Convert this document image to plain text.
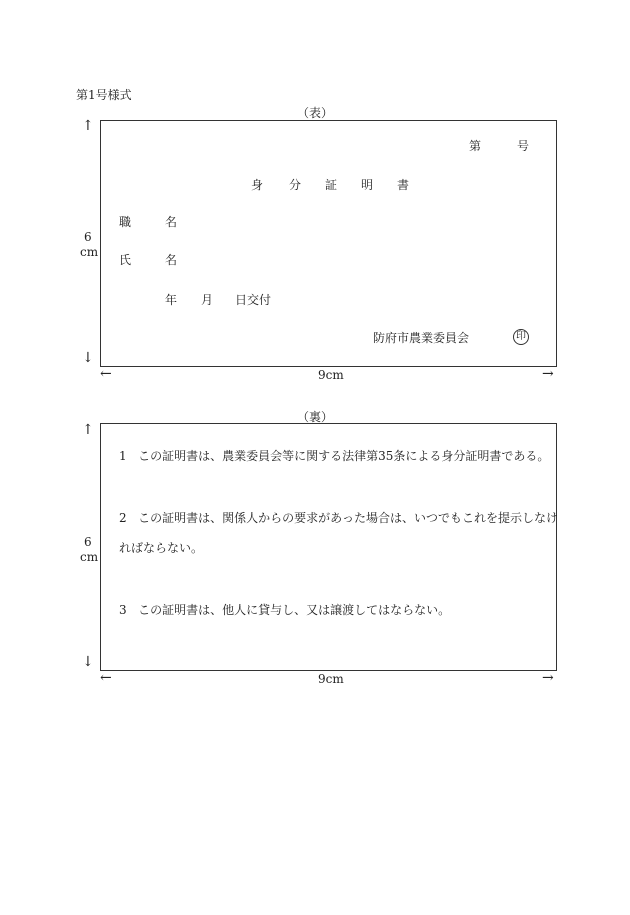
第1号様式
（表）
↑
6
cm
↓
第	号
身 分 証 明 書
職	名
氏	名
年 月 日交付
防府市農業委員会	印
←	9cm	→
（裏）
↑
6
cm
↓
1 この証明書は、農業委員会等に関する法律第35条による身分証明書である。
2 この証明書は、関係人からの要求があった場合は、いつでもこれを提示しなければならない。
3 この証明書は、他人に貸与し、又は譲渡してはならない。
←	9cm	→
